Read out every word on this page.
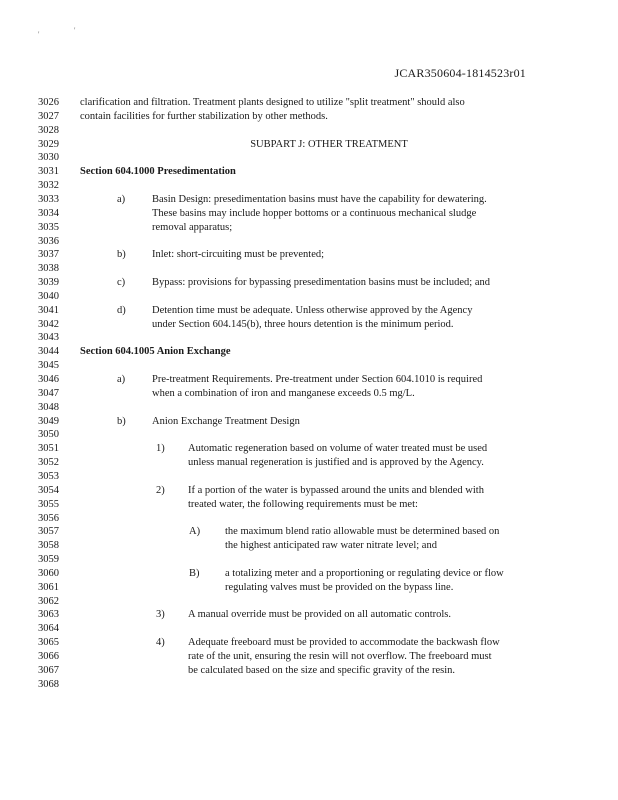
'	'
JCAR350604-1814523r01
3026	clarification and filtration. Treatment plants designed to utilize "split treatment" should also
3027	contain facilities for further stabilization by other methods.
3028
3029	SUBPART J: OTHER TREATMENT
3030
3031	Section 604.1000 Presedimentation
3032
3033	a)	Basin Design: presedimentation basins must have the capability for dewatering.
3034	These basins may include hopper bottoms or a continuous mechanical sludge
3035	removal apparatus;
3036
3037	b)	Inlet: short-circuiting must be prevented;
3038
3039	c)	Bypass: provisions for bypassing presedimentation basins must be included; and
3040
3041	d)	Detention time must be adequate. Unless otherwise approved by the Agency
3042	under Section 604.145(b), three hours detention is the minimum period.
3043
3044	Section 604.1005 Anion Exchange
3045
3046	a)	Pre-treatment Requirements. Pre-treatment under Section 604.1010 is required
3047	when a combination of iron and manganese exceeds 0.5 mg/L.
3048
3049	b)	Anion Exchange Treatment Design
3050
3051	1) Automatic regeneration based on volume of water treated must be used
3052	unless manual regeneration is justified and is approved by the Agency.
3053
3054	2) If a portion of the water is bypassed around the units and blended with
3055	treated water, the following requirements must be met:
3056
3057	A) the maximum blend ratio allowable must be determined based on
3058	the highest anticipated raw water nitrate level; and
3059
3060	B) a totalizing meter and a proportioning or regulating device or flow
3061	regulating valves must be provided on the bypass line.
3062
3063	3) A manual override must be provided on all automatic controls.
3064
3065	4) Adequate freeboard must be provided to accommodate the backwash flow
3066	rate of the unit, ensuring the resin will not overflow. The freeboard must
3067	be calculated based on the size and specific gravity of the resin.
3068
